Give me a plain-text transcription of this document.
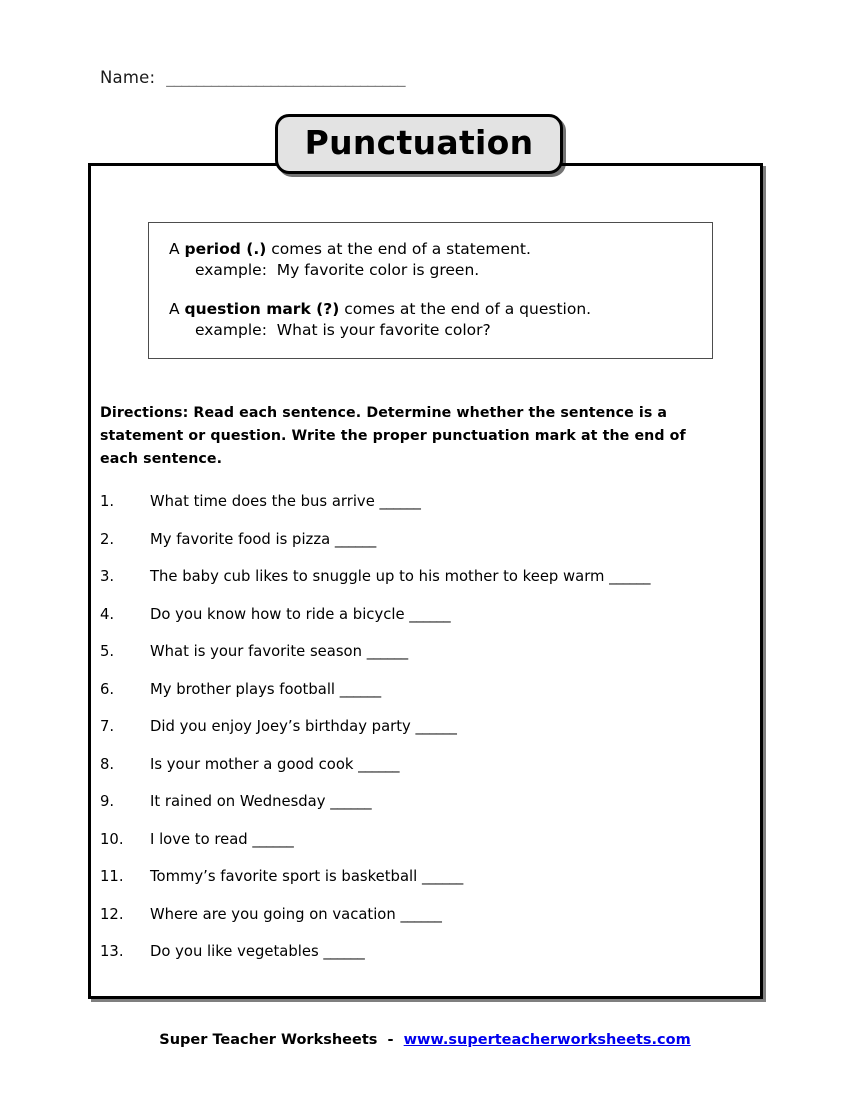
Name: ________________________________
Punctuation
A period (.) comes at the end of a statement.
example:  My favorite color is green.
A question mark (?) comes at the end of a question.
example:  What is your favorite color?
Directions: Read each sentence. Determine whether the sentence is a statement or question. Write the proper punctuation mark at the end of each sentence.
1.	What time does the bus arrive ______
2.	My favorite food is pizza ______
3.	The baby cub likes to snuggle up to his mother to keep warm ______
4.	Do you know how to ride a bicycle ______
5.	What is your favorite season ______
6.	My brother plays football ______
7.	Did you enjoy Joey’s birthday party ______
8.	Is your mother a good cook ______
9.	It rained on Wednesday ______
10.	I love to read ______
11.	Tommy’s favorite sport is basketball ______
12.	Where are you going on vacation ______
13.	Do you like vegetables ______
Super Teacher Worksheets  -  www.superteacherworksheets.com
